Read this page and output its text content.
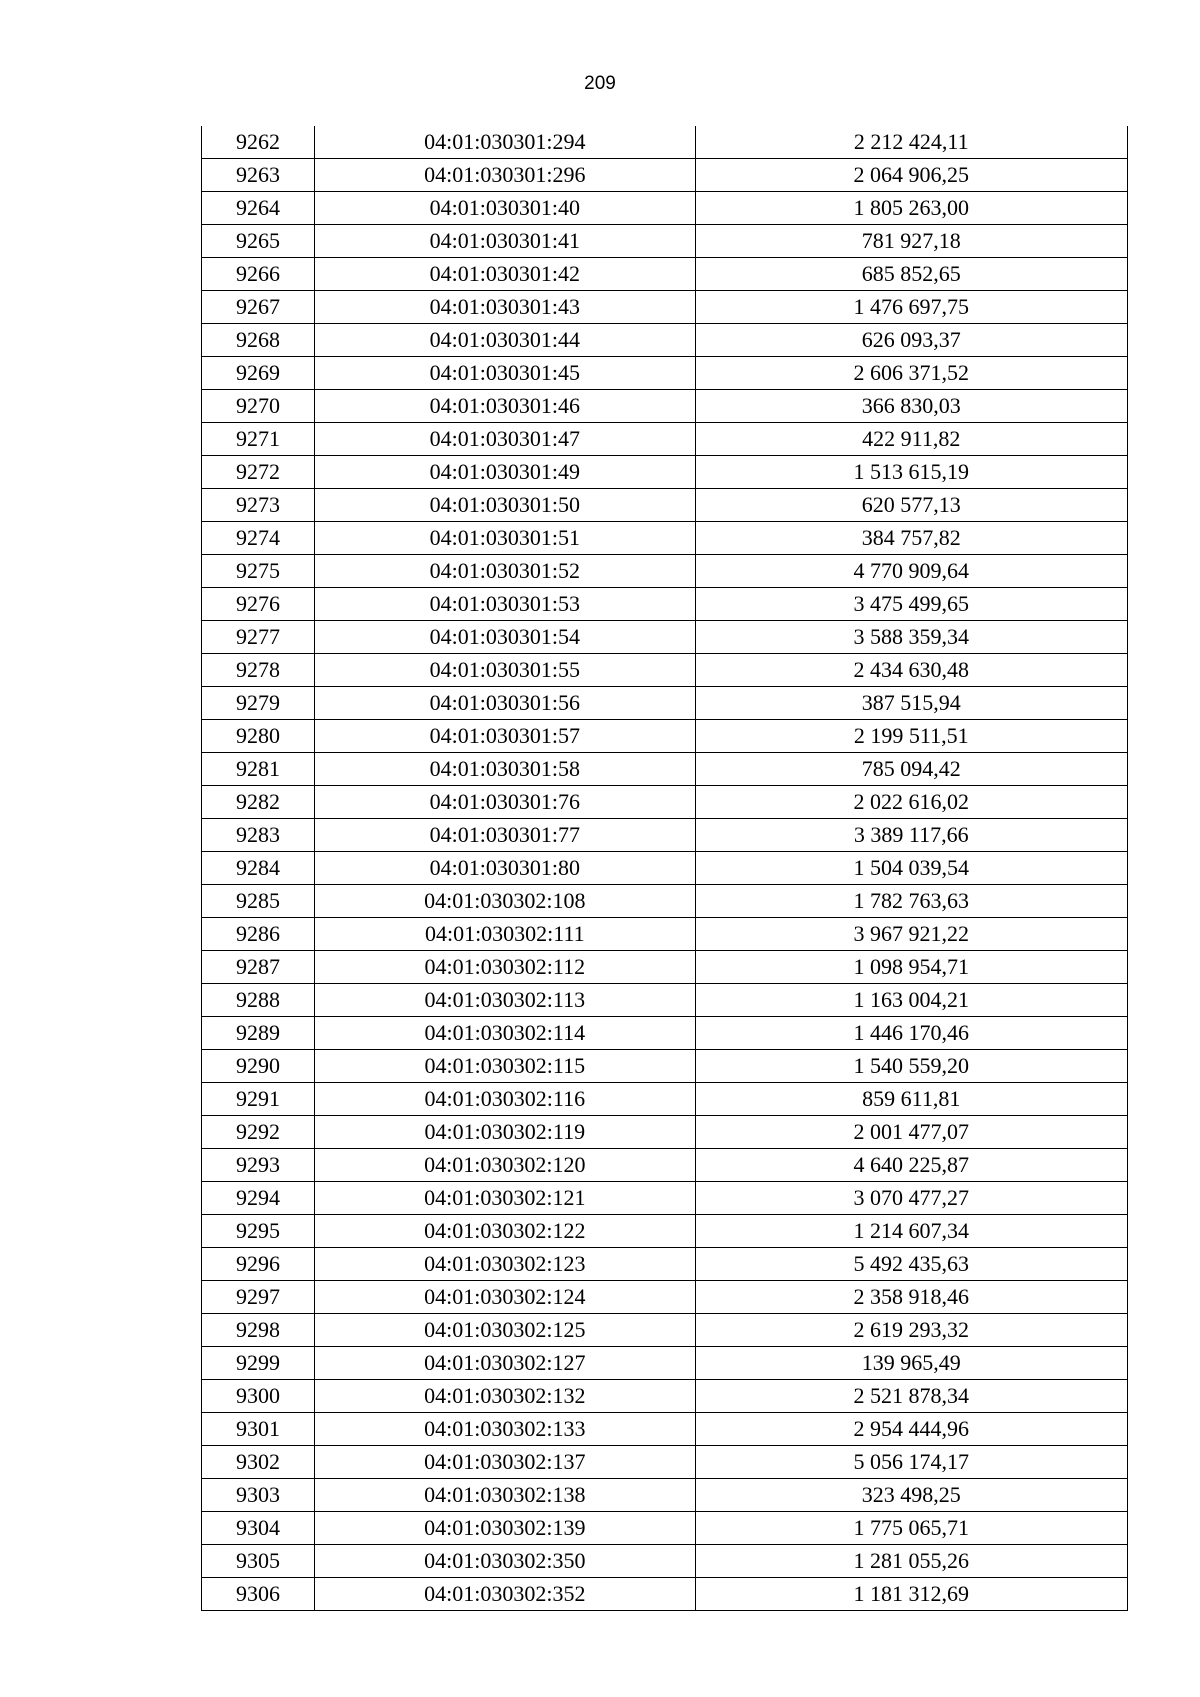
209
9262	04:01:030301:294	2 212 424,11
9263	04:01:030301:296	2 064 906,25
9264	04:01:030301:40	1 805 263,00
9265	04:01:030301:41	781 927,18
9266	04:01:030301:42	685 852,65
9267	04:01:030301:43	1 476 697,75
9268	04:01:030301:44	626 093,37
9269	04:01:030301:45	2 606 371,52
9270	04:01:030301:46	366 830,03
9271	04:01:030301:47	422 911,82
9272	04:01:030301:49	1 513 615,19
9273	04:01:030301:50	620 577,13
9274	04:01:030301:51	384 757,82
9275	04:01:030301:52	4 770 909,64
9276	04:01:030301:53	3 475 499,65
9277	04:01:030301:54	3 588 359,34
9278	04:01:030301:55	2 434 630,48
9279	04:01:030301:56	387 515,94
9280	04:01:030301:57	2 199 511,51
9281	04:01:030301:58	785 094,42
9282	04:01:030301:76	2 022 616,02
9283	04:01:030301:77	3 389 117,66
9284	04:01:030301:80	1 504 039,54
9285	04:01:030302:108	1 782 763,63
9286	04:01:030302:111	3 967 921,22
9287	04:01:030302:112	1 098 954,71
9288	04:01:030302:113	1 163 004,21
9289	04:01:030302:114	1 446 170,46
9290	04:01:030302:115	1 540 559,20
9291	04:01:030302:116	859 611,81
9292	04:01:030302:119	2 001 477,07
9293	04:01:030302:120	4 640 225,87
9294	04:01:030302:121	3 070 477,27
9295	04:01:030302:122	1 214 607,34
9296	04:01:030302:123	5 492 435,63
9297	04:01:030302:124	2 358 918,46
9298	04:01:030302:125	2 619 293,32
9299	04:01:030302:127	139 965,49
9300	04:01:030302:132	2 521 878,34
9301	04:01:030302:133	2 954 444,96
9302	04:01:030302:137	5 056 174,17
9303	04:01:030302:138	323 498,25
9304	04:01:030302:139	1 775 065,71
9305	04:01:030302:350	1 281 055,26
9306	04:01:030302:352	1 181 312,69
